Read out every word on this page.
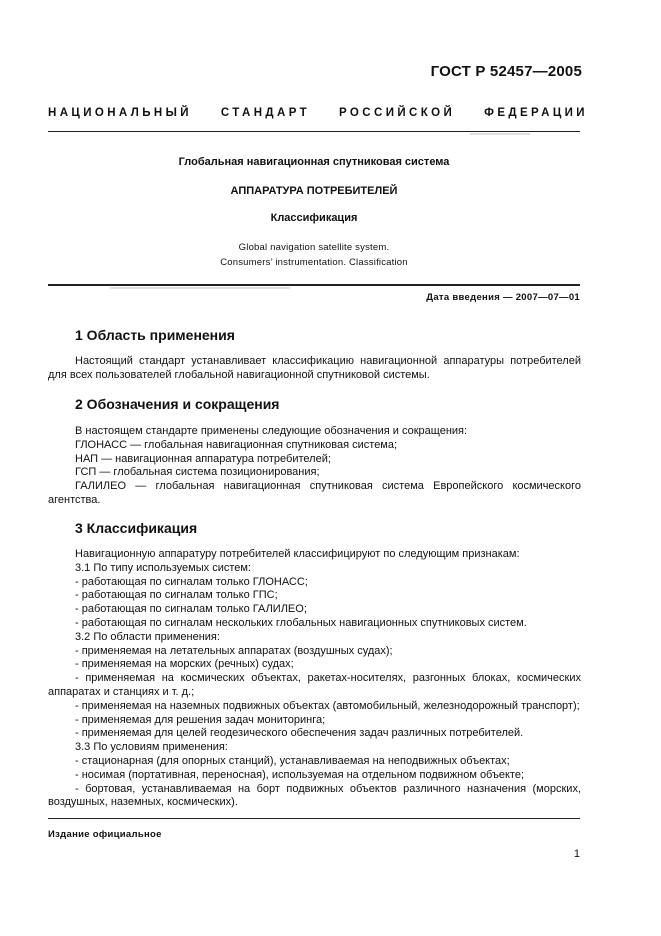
ГОСТ Р 52457—2005
НАЦИОНАЛЬНЫЙ	СТАНДАРТ	РОССИЙСКОЙ	ФЕДЕРАЦИИ
Глобальная навигационная спутниковая система
АППАРАТУРА ПОТРЕБИТЕЛЕЙ
Классификация
Global navigation satellite system.
Consumers’ instrumentation. Classification
Дата введения — 2007—07—01
1 Область применения
Настоящий стандарт устанавливает классификацию навигационной аппаратуры потребителей для всех пользователей глобальной навигационной спутниковой системы.
2 Обозначения и сокращения
В настоящем стандарте применены следующие обозначения и сокращения:
ГЛОНАСС — глобальная навигационная спутниковая система;
НАП — навигационная аппаратура потребителей;
ГСП — глобальная система позиционирования;
ГАЛИЛЕО — глобальная навигационная спутниковая система Европейского космического агентства.
3 Классификация
Навигационную аппаратуру потребителей классифицируют по следующим признакам:
3.1 По типу используемых систем:
- работающая по сигналам только ГЛОНАСС;
- работающая по сигналам только ГПС;
- работающая по сигналам только ГАЛИЛЕО;
- работающая по сигналам нескольких глобальных навигационных спутниковых систем.
3.2 По области применения:
- применяемая на летательных аппаратах (воздушных судах);
- применяемая на морских (речных) судах;
- применяемая на космических объектах, ракетах-носителях, разгонных блоках, космических аппаратах и станциях и т. д.;
- применяемая на наземных подвижных объектах (автомобильный, железнодорожный транспорт);
- применяемая для решения задач мониторинга;
- применяемая для целей геодезического обеспечения задач различных потребителей.
3.3 По условиям применения:
- стационарная (для опорных станций), устанавливаемая на неподвижных объектах;
- носимая (портативная, переносная), используемая на отдельном подвижном объекте;
- бортовая, устанавливаемая на борт подвижных объектов различного назначения (морских, воздушных, наземных, космических).
Издание официальное
1
